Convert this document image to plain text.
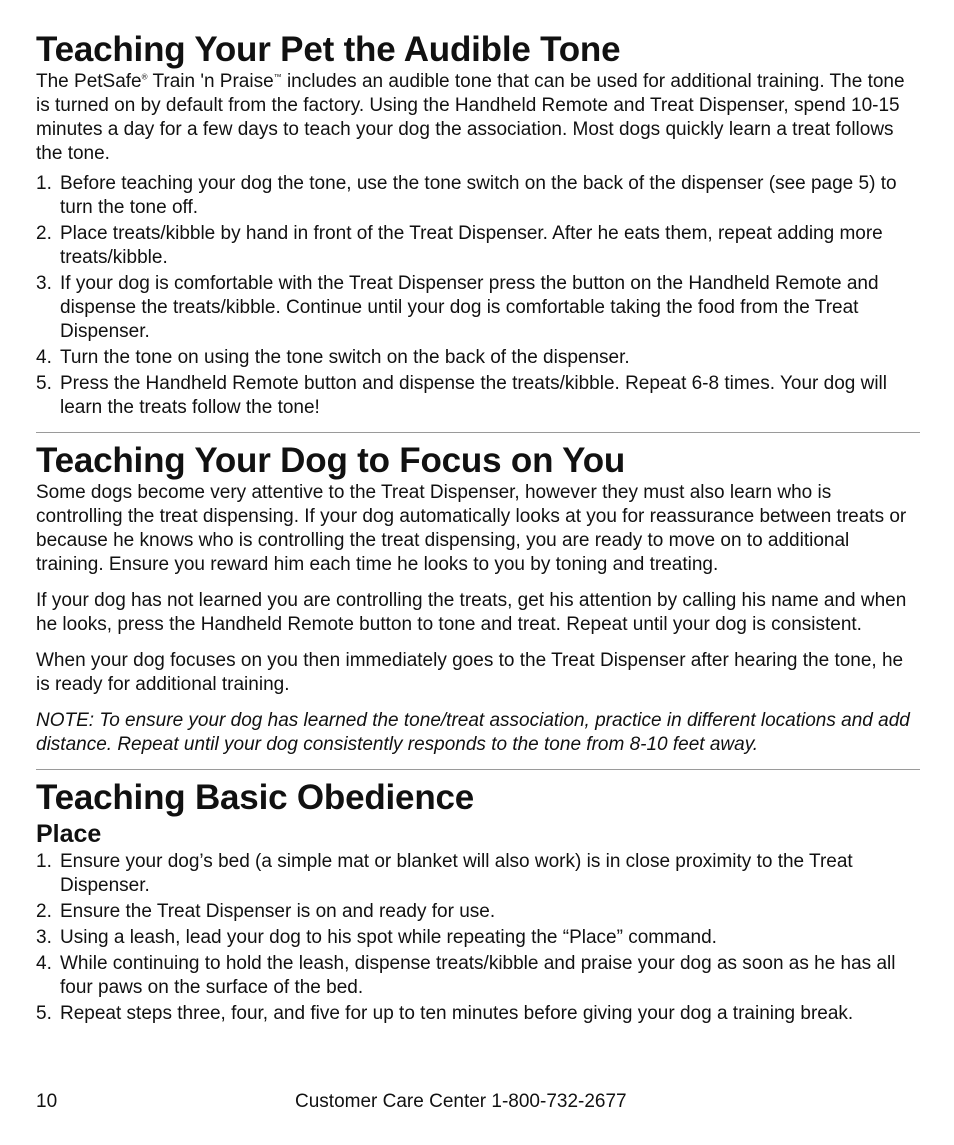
Teaching Your Pet the Audible Tone

The PetSafe® Train 'n Praise™ includes an audible tone that can be used for additional training. The tone is turned on by default from the factory. Using the Handheld Remote and Treat Dispenser, spend 10-15 minutes a day for a few days to teach your dog the association. Most dogs quickly learn a treat follows the tone.

1. Before teaching your dog the tone, use the tone switch on the back of the dispenser (see page 5) to turn the tone off.
2. Place treats/kibble by hand in front of the Treat Dispenser. After he eats them, repeat adding more treats/kibble.
3. If your dog is comfortable with the Treat Dispenser press the button on the Handheld Remote and dispense the treats/kibble. Continue until your dog is comfortable taking the food from the Treat Dispenser.
4. Turn the tone on using the tone switch on the back of the dispenser.
5. Press the Handheld Remote button and dispense the treats/kibble. Repeat 6-8 times. Your dog will learn the treats follow the tone!
Teaching Your Dog to Focus on You

Some dogs become very attentive to the Treat Dispenser, however they must also learn who is controlling the treat dispensing. If your dog automatically looks at you for reassurance between treats or because he knows who is controlling the treat dispensing, you are ready to move on to additional training. Ensure you reward him each time he looks to you by toning and treating.

If your dog has not learned you are controlling the treats, get his attention by calling his name and when he looks, press the Handheld Remote button to tone and treat. Repeat until your dog is consistent.

When your dog focuses on you then immediately goes to the Treat Dispenser after hearing the tone, he is ready for additional training.

NOTE: To ensure your dog has learned the tone/treat association, practice in different locations and add distance. Repeat until your dog consistently responds to the tone from 8-10 feet away.

Teaching Basic Obedience
Place
1. Ensure your dog’s bed (a simple mat or blanket will also work) is in close proximity to the Treat Dispenser.
2. Ensure the Treat Dispenser is on and ready for use.
3. Using a leash, lead your dog to his spot while repeating the “Place” command.
4. While continuing to hold the leash, dispense treats/kibble and praise your dog as soon as he has all four paws on the surface of the bed.
5. Repeat steps three, four, and five for up to ten minutes before giving your dog a training break.
10	Customer Care Center 1-800-732-2677
